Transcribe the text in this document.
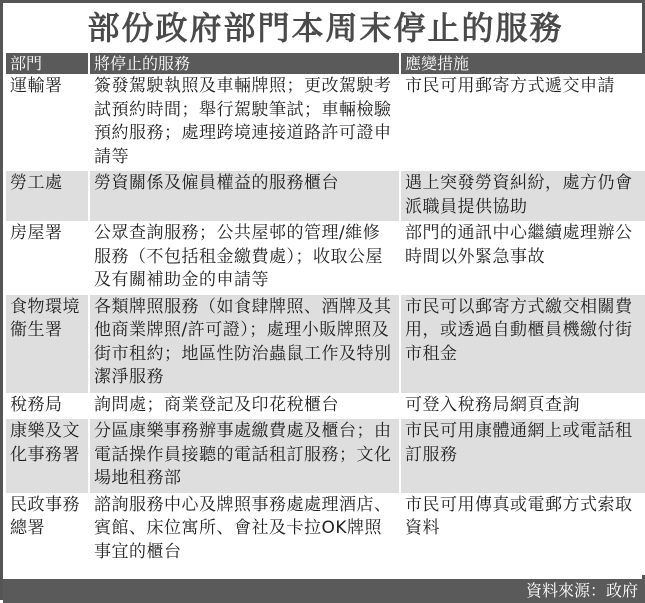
部份政府部門本周末停止的服務
部門	將停止的服務	應變措施
運輸署	簽發駕駛執照及車輛牌照；更改駕駛考試預約時間；舉行駕駛筆試；車輛檢驗預約服務；處理跨境連接道路許可證申請等	市民可用郵寄方式遞交申請
勞工處	勞資關係及僱員權益的服務櫃台	遇上突發勞資糾紛，處方仍會派職員提供協助
房屋署	公眾查詢服務；公共屋邨的管理/維修服務（不包括租金繳費處）；收取公屋及有關補助金的申請等	部門的通訊中心繼續處理辦公時間以外緊急事故
食物環境衞生署	各類牌照服務（如食肆牌照、酒牌及其他商業牌照/許可證）；處理小販牌照及街市租約；地區性防治蟲鼠工作及特別潔淨服務	市民可以郵寄方式繳交相關費用，或透過自動櫃員機繳付街市租金
稅務局	詢問處；商業登記及印花稅櫃台	可登入稅務局網頁查詢
康樂及文化事務署	分區康樂事務辦事處繳費處及櫃台；由電話操作員接聽的電話租訂服務；文化場地租務部	市民可用康體通網上或電話租訂服務
民政事務總署	諮詢服務中心及牌照事務處處理酒店、賓館、床位寓所、會社及卡拉OK牌照事宜的櫃台	市民可用傳真或電郵方式索取資料
資料來源：政府
